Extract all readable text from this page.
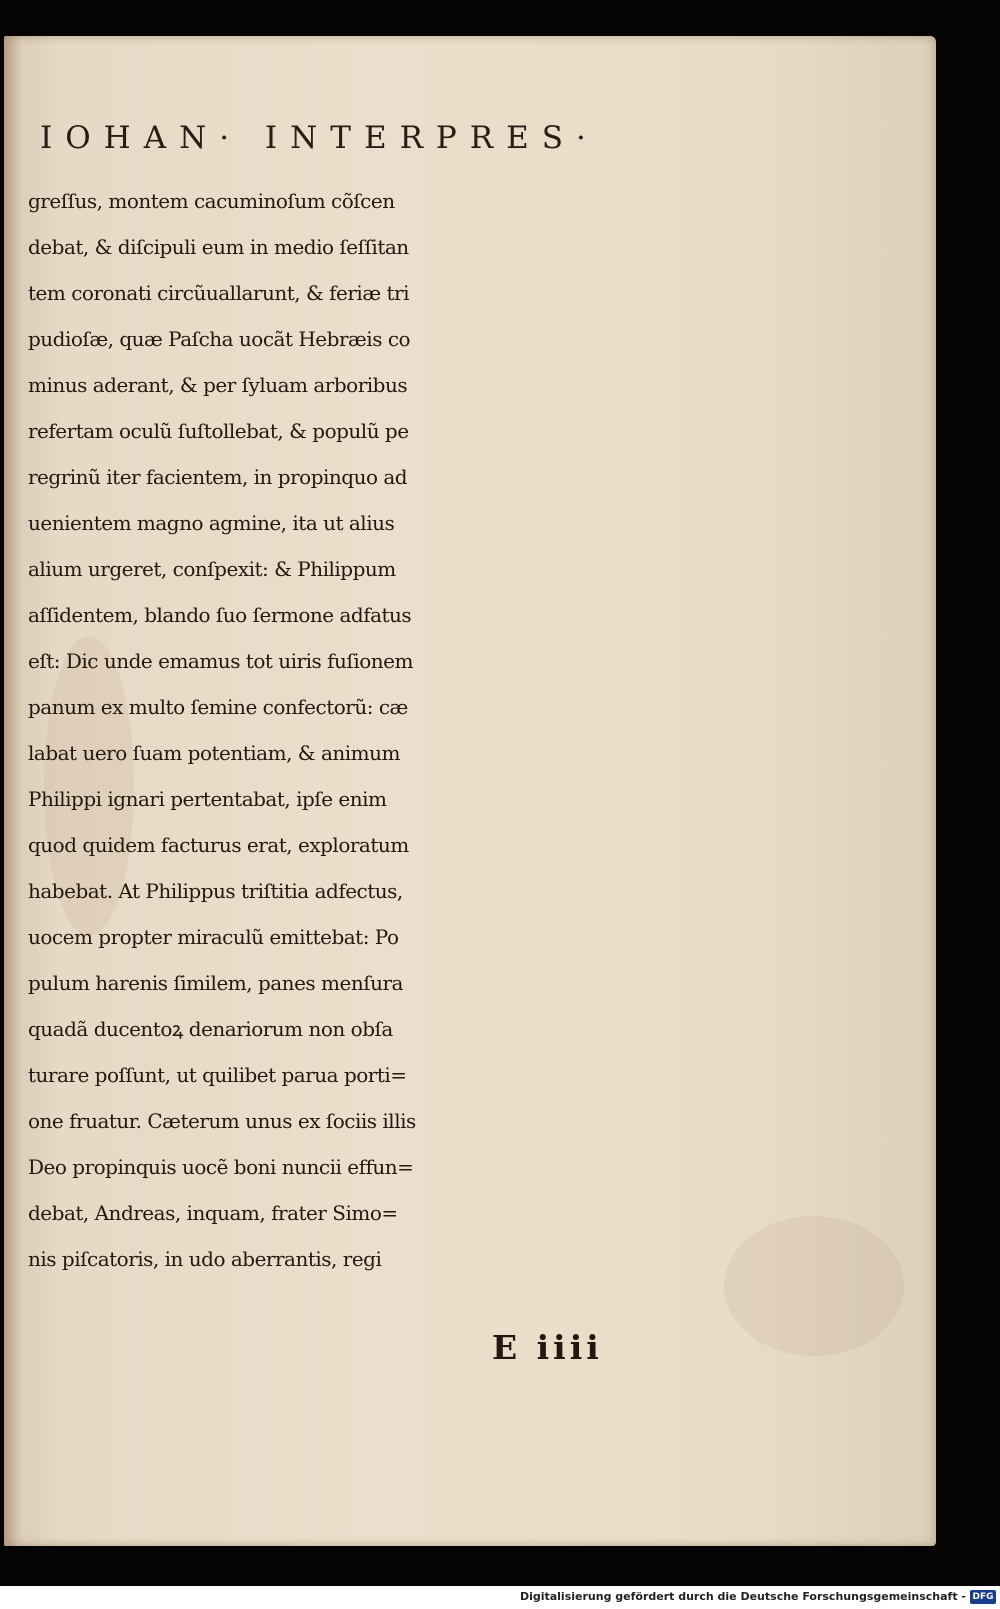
IOHAN· INTERPRES·
greſſus, montem cacuminoſum cõſcen
debat, & diſcipuli eum in medio ſeſſitan
tem coronati circũuallarunt, & feriæ tri
pudioſæ, quæ Paſcha uocãt Hebræis co
minus aderant, & per ſyluam arboribus
refertam oculũ ſuſtollebat, & populũ pe
regrinũ iter facientem, in propinquo ad
uenientem magno agmine, ita ut alius
alium urgeret, conſpexit: & Philippum
aſſidentem, blando ſuo ſermone adfatus
eſt: Dic unde emamus tot uiris fuſionem
panum ex multo ſemine confectorũ: cæ
labat uero ſuam potentiam, & animum
Philippi ignari pertentabat, ipſe enim
quod quidem facturus erat, exploratum
habebat. At Philippus triſtitia adfectus,
uocem propter miraculũ emittebat: Po
pulum harenis ſimilem, panes menſura
quadã ducentoꝝ denariorum non obſa
turare poſſunt, ut quilibet parua porti=
one fruatur. Cæterum unus ex ſociis illis
Deo propinquis uocẽ boni nuncii effun=
debat, Andreas, inquam, frater Simo=
nis piſcatoris, in udo aberrantis, regi
E iiii
Digitalisierung gefördert durch die Deutsche Forschungsgemeinschaft - DFG
